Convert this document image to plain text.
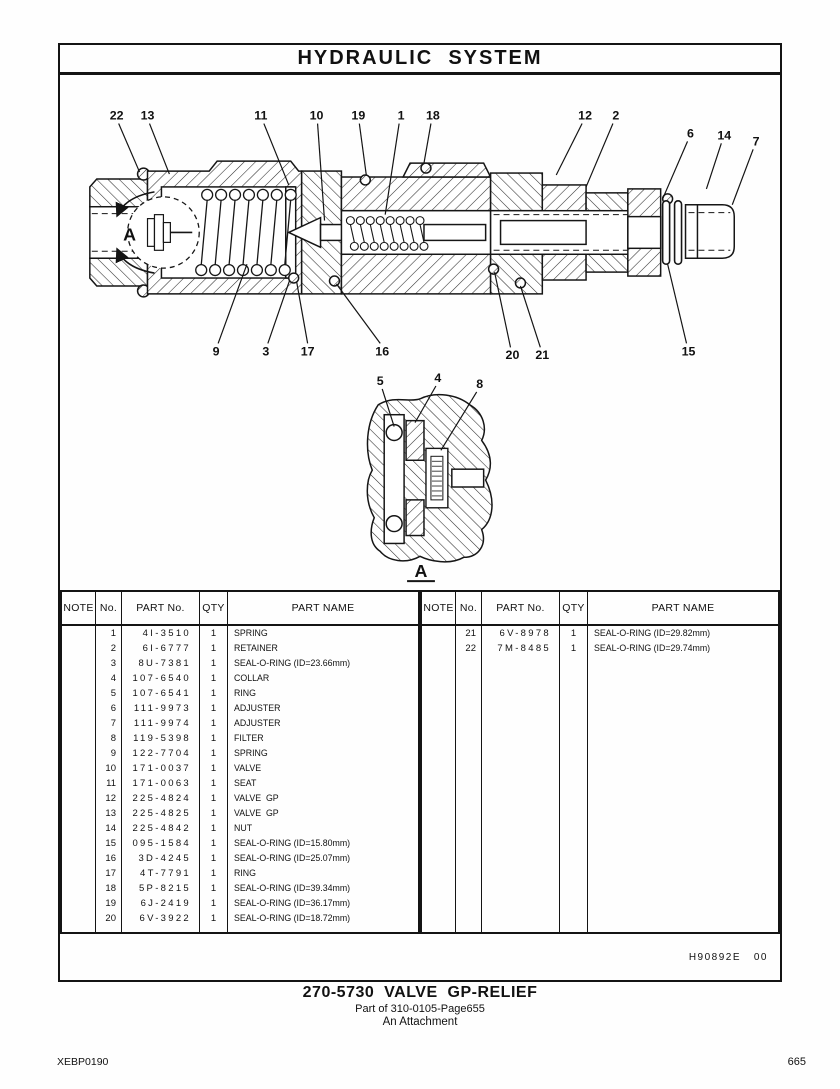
HYDRAULIC  SYSTEM
22 13	11	10 19	1 18	12 2
6 14 7
9	3	17	16	20 21	15
5	4	8
A
A
NOTE No.	PART No.	QTY	PART NAME
1	4I-3510	1	SPRING
2	6I-6777	1	RETAINER
3	8U-7381	1	SEAL-O-RING (ID=23.66mm)
4	107-6540	1	COLLAR
5	107-6541	1	RING
6	111-9973	1	ADJUSTER
7	111-9974	1	ADJUSTER
8	119-5398	1	FILTER
9	122-7704	1	SPRING
10	171-0037	1	VALVE
11	171-0063	1	SEAT
12	225-4824	1	VALVE  GP
13	225-4825	1	VALVE  GP
14	225-4842	1	NUT
15	095-1584	1	SEAL-O-RING (ID=15.80mm)
16	3D-4245	1	SEAL-O-RING (ID=25.07mm)
17	4T-7791	1	RING
18	5P-8215	1	SEAL-O-RING (ID=39.34mm)
19	6J-2419	1	SEAL-O-RING (ID=36.17mm)
20	6V-3922	1	SEAL-O-RING (ID=18.72mm)
NOTE No.	PART No.	QTY	PART NAME
21	6V-8978	1	SEAL-O-RING (ID=29.82mm)
22	7M-8485	1	SEAL-O-RING (ID=29.74mm)
H90892E   00
270-5730  VALVE  GP-RELIEF
Part of 310-0105-Page655
An Attachment
XEBP0190	665
